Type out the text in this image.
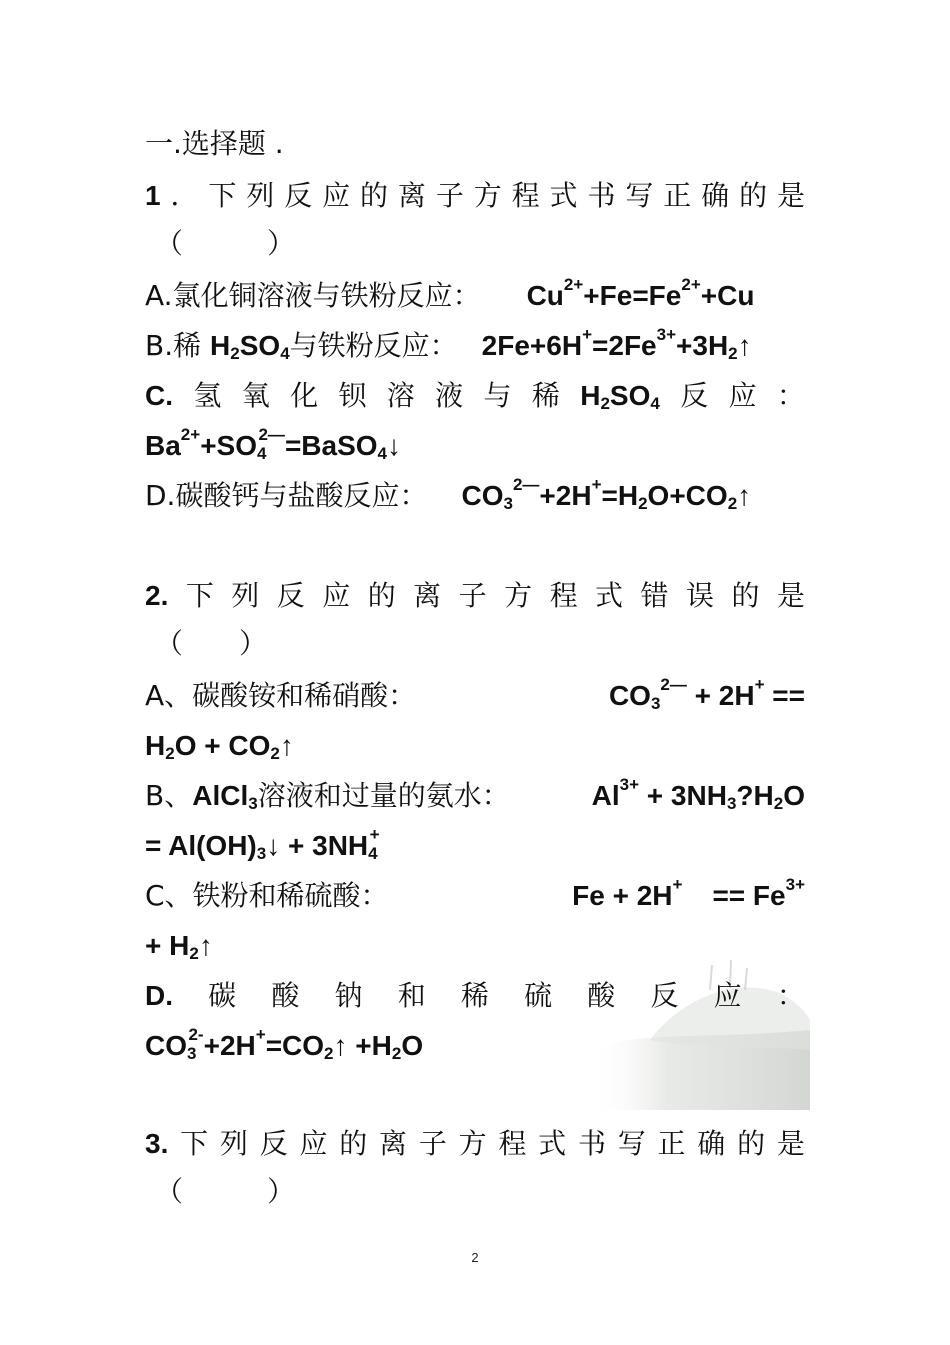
一.选择题 .
1 ． 下 列 反 应 的 离 子 方 程 式 书 写 正 确 的 是
（　　　）
A.氯化铜溶液与铁粉反应： $Cu^{2+}+Fe=Fe^{2+}+Cu$
B.稀 $H_2SO_4$与铁粉反应： $2Fe+6H^+=2Fe^{3+}+3H_2↑$
C. 氢 氧 化 钡 溶 液 与 稀 $H_2SO_4$ 反 应 ：
$Ba^{2+}+SO_4^{2—}=BaSO_4↓$
D.碳酸钙与盐酸反应： $CO_3^{2—}+2H^+=H_2O+CO_2↑$
2. 下 列 反 应 的 离 子 方 程 式 错 误 的 是
（　　）
A、碳酸铵和稀硝酸：	$CO_3^{2—} + 2H^+$ ==
$H_2O$ + $CO_2↑$
B、AlCl$_3$溶液和过量的氨水：	$Al^{3+}$ + $3NH_3?H_2O$
= $Al(OH)_3↓ + 3NH_4^+$
C、铁粉和稀硫酸：	$Fe + 2H^+ == Fe^{3+}$
+ $H_2↑$
D. 碳 酸 钠 和 稀 硫 酸 反 应 ：
$CO_3^{2-}+2H^+=CO_2↑ +H_2O$
3. 下 列 反 应 的 离 子 方 程 式 书 写 正 确 的 是
（　　　）
2
